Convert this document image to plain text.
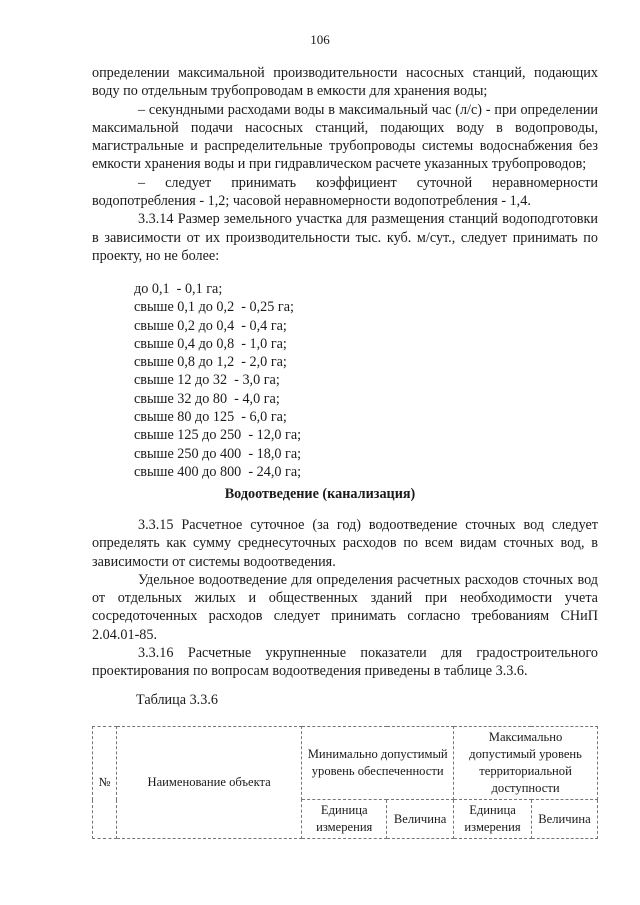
106

определении максимальной производительности насосных станций, подающих воду по отдельным трубопроводам в емкости для хранения воды;

– секундными расходами воды в максимальный час (л/с) - при определении максимальной подачи насосных станций, подающих воду в водопроводы, магистральные и распределительные трубопроводы системы водоснабжения без емкости хранения воды и при гидравлическом расчете указанных трубопроводов;

– следует принимать коэффициент суточной неравномерности водопотребления - 1,2; часовой неравномерности водопотребления - 1,4.

3.3.14 Размер земельного участка для размещения станций водоподготовки в зависимости от их производительности тыс. куб. м/сут., следует принимать по проекту, но не более:

до 0,1  - 0,1 га;
свыше 0,1 до 0,2  - 0,25 га;
свыше 0,2 до 0,4  - 0,4 га;
свыше 0,4 до 0,8  - 1,0 га;
свыше 0,8 до 1,2  - 2,0 га;
свыше 12 до 32  - 3,0 га;
свыше 32 до 80  - 4,0 га;
свыше 80 до 125  - 6,0 га;
свыше 125 до 250  - 12,0 га;
свыше 250 до 400  - 18,0 га;
свыше 400 до 800  - 24,0 га;
Водоотведение (канализация)

3.3.15 Расчетное суточное (за год) водоотведение сточных вод следует определять как сумму среднесуточных расходов по всем видам сточных вод, в зависимости от системы водоотведения.

Удельное водоотведение для определения расчетных расходов сточных вод от отдельных жилых и общественных зданий при необходимости учета сосредоточенных расходов следует принимать согласно требованиям СНиП 2.04.01-85.

3.3.16 Расчетные укрупненные показатели для градостроительного проектирования по вопросам водоотведения приведены в таблице 3.3.6.

Таблица 3.3.6
№	Наименование объекта	Минимально допустимый уровень обеспеченности		Максимально допустимый уровень территориальной доступности	
		Единица измерения	Величина	Единица измерения	Величина
